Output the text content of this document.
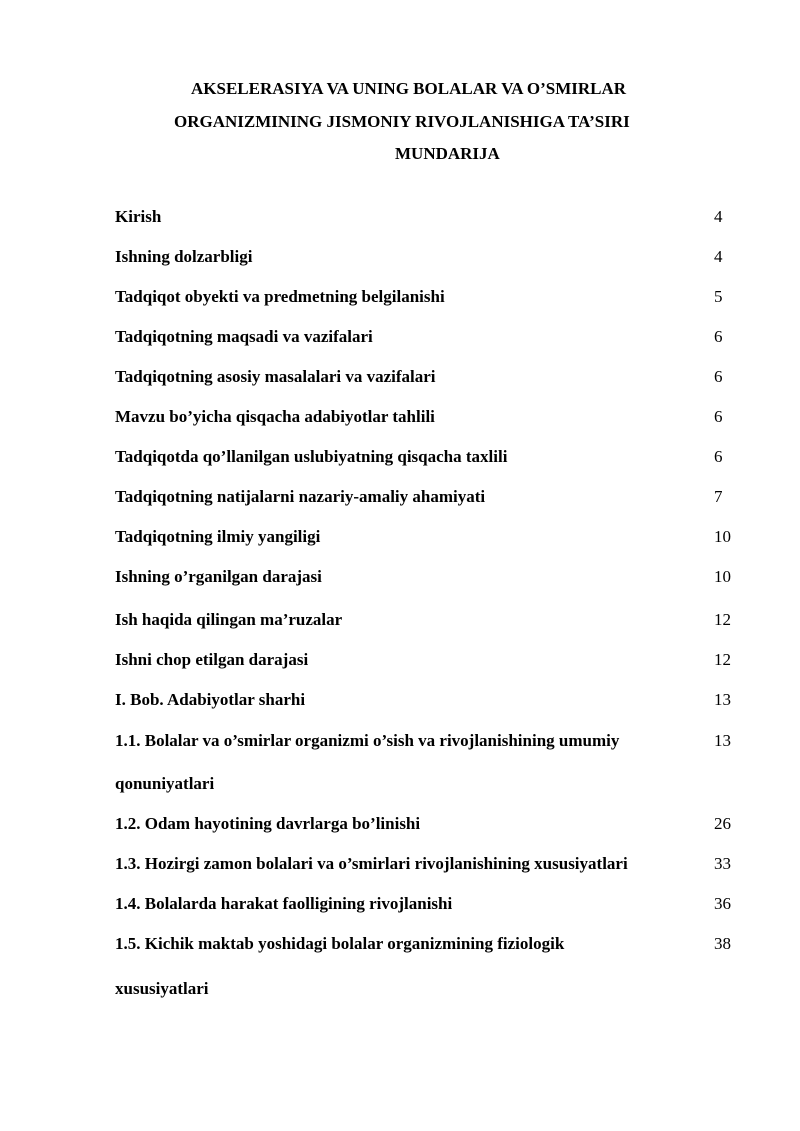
AKSELERASIYA VA UNING BOLALAR VA O’SMIRLAR
ORGANIZMINING JISMONIY RIVOJLANISHIGA TA’SIRI
MUNDARIJA
Kirish	4
Ishning dolzarbligi	4
Tadqiqot obyekti va predmetning belgilanishi	5
Tadqiqotning maqsadi va vazifalari	6
Tadqiqotning asosiy masalalari va vazifalari	6
Mavzu bo’yicha qisqacha adabiyotlar tahlili	6
Tadqiqotda qo’llanilgan uslubiyatning qisqacha taxlili	6
Tadqiqotning natijalarni nazariy-amaliy ahamiyati	7
Tadqiqotning ilmiy yangiligi	10
Ishning o’rganilgan darajasi	10
Ish haqida qilingan ma’ruzalar	12
Ishni chop etilgan darajasi	12
I. Bob. Adabiyotlar sharhi	13
1.1. Bolalar va o’smirlar organizmi o’sish va rivojlanishining umumiy	13
qonuniyatlari
1.2. Odam hayotining davrlarga bo’linishi	26
1.3. Hozirgi zamon bolalari va o’smirlari rivojlanishining xususiyatlari	33
1.4. Bolalarda harakat faolligining rivojlanishi	36
1.5. Kichik maktab yoshidagi bolalar organizmining fiziologik	38
xususiyatlari
